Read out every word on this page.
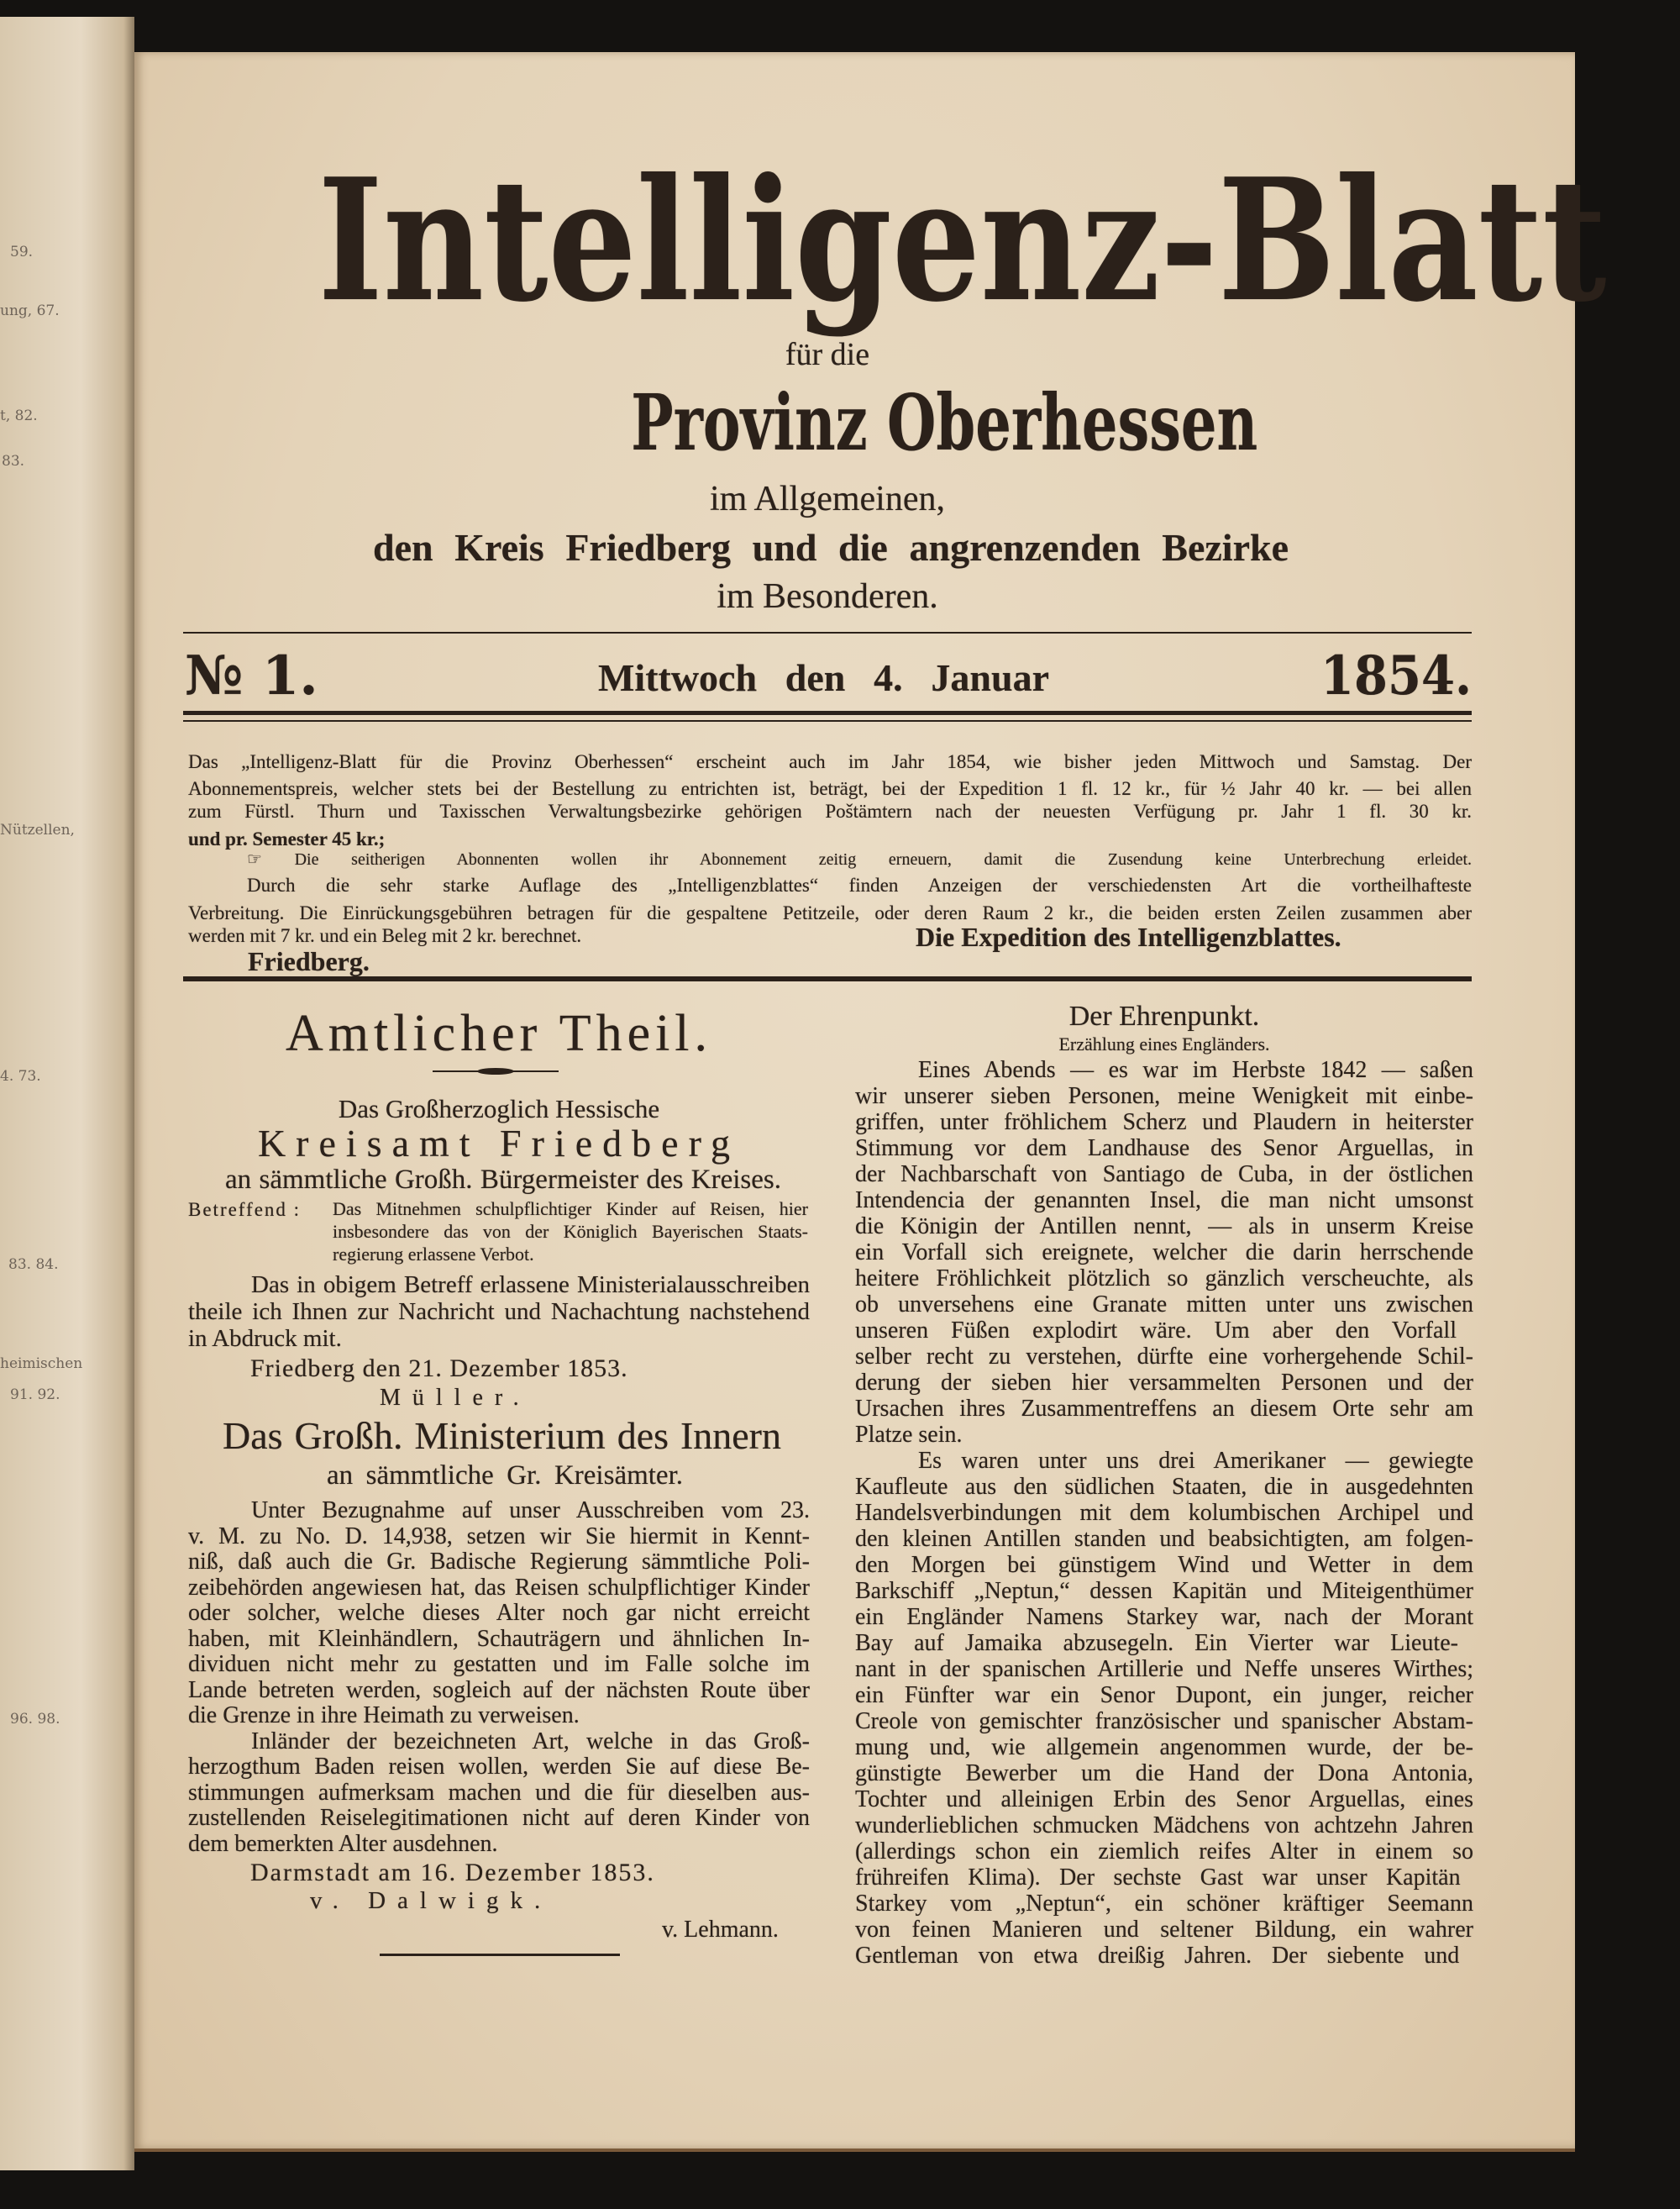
59.
ung, 67.
t, 82.
83.
Nützellen,
4. 73.
83. 84.
heimischen
91. 92.
96. 98.
Intelligenz-Blatt
für die
Provinz Oberhessen
im Allgemeinen,
den Kreis Friedberg und die angrenzenden Bezirke
im Besonderen.
№ 1.	Mittwoch den 4. Januar	1854.
Das „Intelligenz-Blatt für die Provinz Oberhessen“ erscheint auch im Jahr 1854, wie bisher jeden Mittwoch und Samstag. Der
Abonnementspreis, welcher stets bei der Bestellung zu entrichten ist, beträgt, bei der Expedition 1 fl. 12 kr., für ½ Jahr 40 kr. — bei allen
zum Fürstl. Thurn und Taxisschen Verwaltungsbezirke gehörigen Poštämtern nach der neuesten Verfügung pr. Jahr 1 fl. 30 kr.
und pr. Semester 45 kr.;
☞ Die seitherigen Abonnenten wollen ihr Abonnement zeitig erneuern, damit die Zusendung keine Unterbrechung erleidet.
Durch die sehr starke Auflage des „Intelligenzblattes“ finden Anzeigen der verschiedensten Art die vortheilhafteste
Verbreitung. Die Einrückungsgebühren betragen für die gespaltene Petitzeile, oder deren Raum 2 kr., die beiden ersten Zeilen zusammen aber
werden mit 7 kr. und ein Beleg mit 2 kr. berechnet.	Die Expedition des Intelligenzblattes.
Friedberg.
Amtlicher Theil.
Das Großherzoglich Hessische
Kreisamt Friedberg
an sämmtliche Großh. Bürgermeister des Kreises.
Betreffend : Das Mitnehmen schulpflichtiger Kinder auf Reisen, hier
insbesondere das von der Königlich Bayerischen Staats-
regierung erlassene Verbot.
Das in obigem Betreff erlassene Ministerialausschreiben
theile ich Ihnen zur Nachricht und Nachachtung nachstehend
in Abdruck mit.
Friedberg den 21. Dezember 1853.
Müller.
Das Großh. Ministerium des Innern
an sämmtliche Gr. Kreisämter.
Unter Bezugnahme auf unser Ausschreiben vom 23.
v. M. zu No. D. 14,938, setzen wir Sie hiermit in Kennt-
niß, daß auch die Gr. Badische Regierung sämmtliche Poli-
zeibehörden angewiesen hat, das Reisen schulpflichtiger Kinder
oder solcher, welche dieses Alter noch gar nicht erreicht
haben, mit Kleinhändlern, Schauträgern und ähnlichen In-
dividuen nicht mehr zu gestatten und im Falle solche im
Lande betreten werden, sogleich auf der nächsten Route über
die Grenze in ihre Heimath zu verweisen.
Inländer der bezeichneten Art, welche in das Groß-
herzogthum Baden reisen wollen, werden Sie auf diese Be-
stimmungen aufmerksam machen und die für dieselben aus-
zustellenden Reiselegitimationen nicht auf deren Kinder von
dem bemerkten Alter ausdehnen.
Darmstadt am 16. Dezember 1853.
v. Dalwigk.
v. Lehmann.
Der Ehrenpunkt.
Erzählung eines Engländers.
Eines Abends — es war im Herbste 1842 — saßen
wir unserer sieben Personen, meine Wenigkeit mit einbe-
griffen, unter fröhlichem Scherz und Plaudern in heiterster
Stimmung vor dem Landhause des Senor Arguellas, in
der Nachbarschaft von Santiago de Cuba, in der östlichen
Intendencia der genannten Insel, die man nicht umsonst
die Königin der Antillen nennt, — als in unserm Kreise
ein Vorfall sich ereignete, welcher die darin herrschende
heitere Fröhlichkeit plötzlich so gänzlich verscheuchte, als
ob unversehens eine Granate mitten unter uns zwischen
unseren Füßen explodirt wäre. Um aber den Vorfall
selber recht zu verstehen, dürfte eine vorhergehende Schil-
derung der sieben hier versammelten Personen und der
Ursachen ihres Zusammentreffens an diesem Orte sehr am
Platze sein.
Es waren unter uns drei Amerikaner — gewiegte
Kaufleute aus den südlichen Staaten, die in ausgedehnten
Handelsverbindungen mit dem kolumbischen Archipel und
den kleinen Antillen standen und beabsichtigten, am folgen-
den Morgen bei günstigem Wind und Wetter in dem
Barkschiff „Neptun,“ dessen Kapitän und Miteigenthümer
ein Engländer Namens Starkey war, nach der Morant
Bay auf Jamaika abzusegeln. Ein Vierter war Lieute-
nant in der spanischen Artillerie und Neffe unseres Wirthes;
ein Fünfter war ein Senor Dupont, ein junger, reicher
Creole von gemischter französischer und spanischer Abstam-
mung und, wie allgemein angenommen wurde, der be-
günstigte Bewerber um die Hand der Dona Antonia,
Tochter und alleinigen Erbin des Senor Arguellas, eines
wunderlieblichen schmucken Mädchens von achtzehn Jahren
(allerdings schon ein ziemlich reifes Alter in einem so
frühreifen Klima). Der sechste Gast war unser Kapitän
Starkey vom „Neptun“, ein schöner kräftiger Seemann
von feinen Manieren und seltener Bildung, ein wahrer
Gentleman von etwa dreißig Jahren. Der siebente und
